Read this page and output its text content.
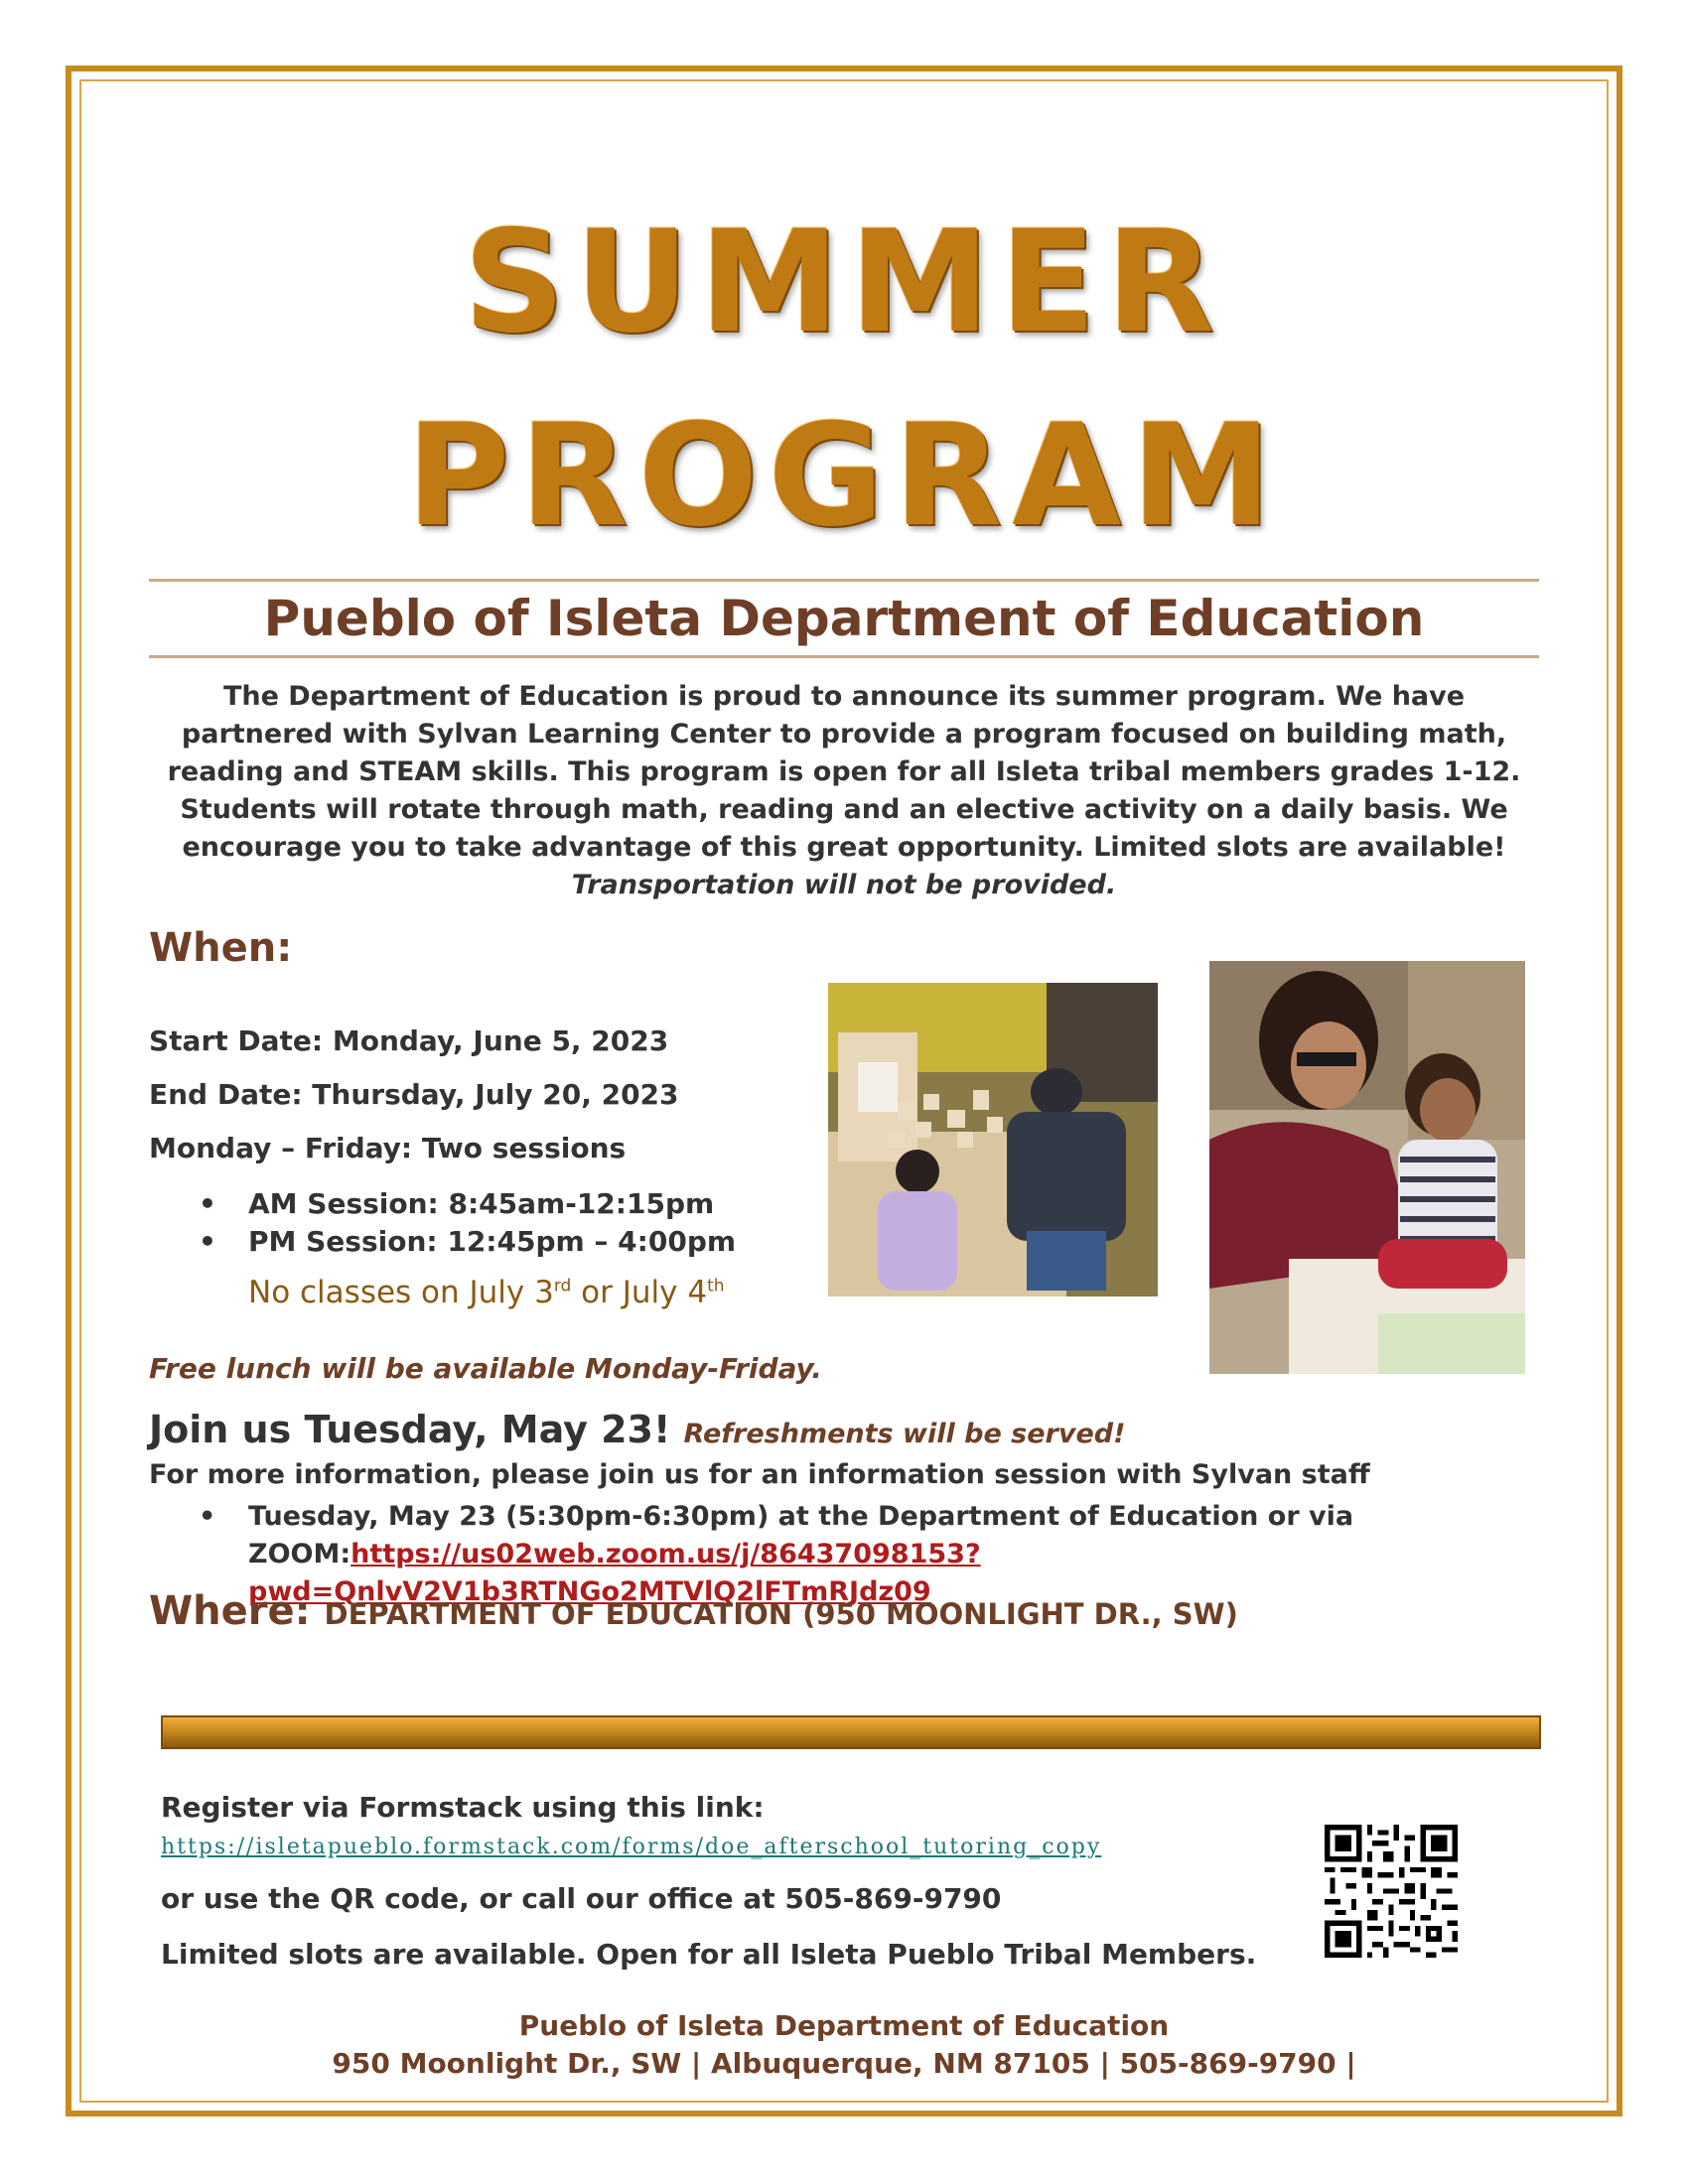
SUMMER
PROGRAM
Pueblo of Isleta Department of Education
The Department of Education is proud to announce its summer program. We have partnered with Sylvan Learning Center to provide a program focused on building math, reading and STEAM skills. This program is open for all Isleta tribal members grades 1-12. Students will rotate through math, reading and an elective activity on a daily basis. We encourage you to take advantage of this great opportunity. Limited slots are available!
Transportation will not be provided.
When:
Start Date: Monday, June 5, 2023
End Date: Thursday, July 20, 2023
Monday – Friday: Two sessions
• AM Session: 8:45am-12:15pm
• PM Session: 12:45pm – 4:00pm
No classes on July 3rd or July 4th
Free lunch will be available Monday-Friday.
Join us Tuesday, May 23! Refreshments will be served!
For more information, please join us for an information session with Sylvan staff
• Tuesday, May 23 (5:30pm-6:30pm) at the Department of Education or via ZOOM:https://us02web.zoom.us/j/86437098153?pwd=QnlvV2V1b3RTNGo2MTVlQ2lFTmRJdz09
Where: DEPARTMENT OF EDUCATION (950 MOONLIGHT DR., SW)
Register via Formstack using this link:
https://isletapueblo.formstack.com/forms/doe_afterschool_tutoring_copy
or use the QR code, or call our office at 505-869-9790
Limited slots are available. Open for all Isleta Pueblo Tribal Members.
Pueblo of Isleta Department of Education
950 Moonlight Dr., SW | Albuquerque, NM 87105 | 505-869-9790 |
